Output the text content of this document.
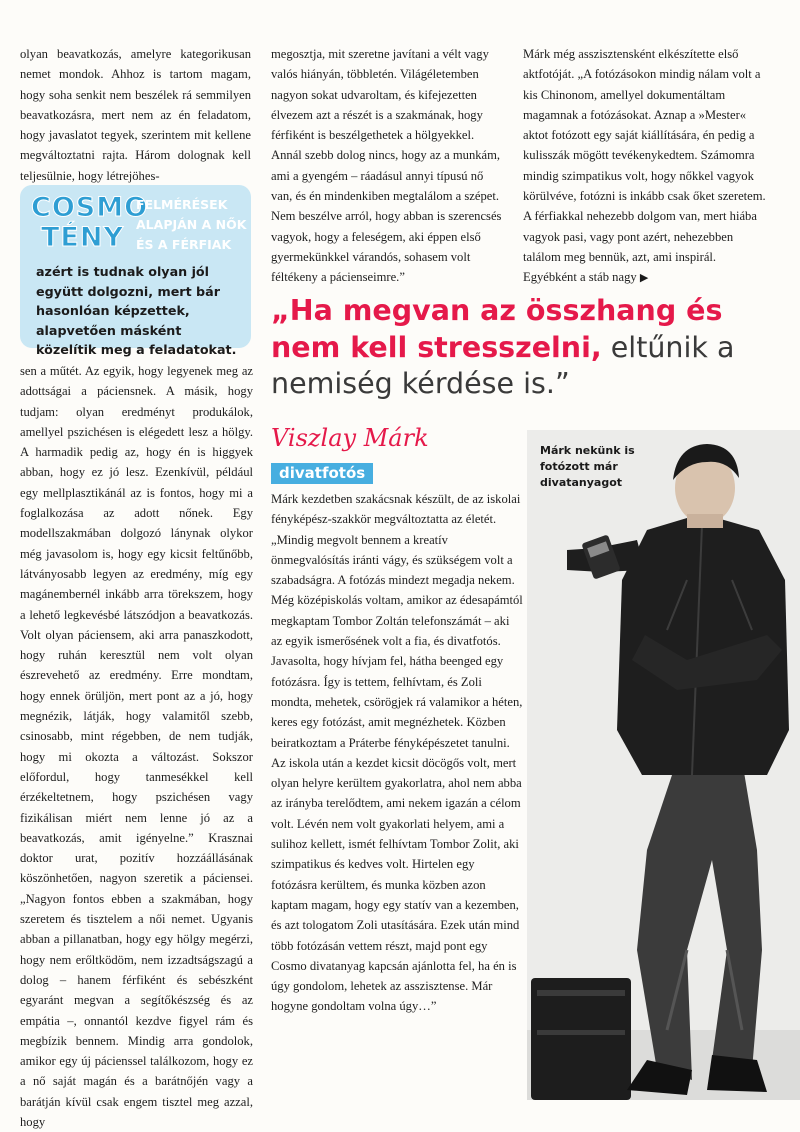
olyan beavatkozás, amelyre kategorikusan nemet mondok. Ahhoz is tartom magam, hogy soha senkit nem beszélek rá semmilyen beavatkozásra, mert nem az én feladatom, hogy javaslatot tegyek, szerintem mit kellene megváltoztatni rajta. Három dolognak kell teljesülnie, hogy létrejöhes-

COSMO
TÉNY

FELMÉRÉSEK ALAPJÁN A NŐK ÉS A FÉRFIAK

azért is tudnak olyan jól együtt dolgozni, mert bár hasonlóan képzettek, alapvetően másként közelítik meg a feladatokat.

sen a műtét. Az egyik, hogy legyenek meg az adottságai a páciensnek. A másik, hogy tudjam: olyan eredményt produkálok, amellyel pszichésen is elégedett lesz a hölgy. A harmadik pedig az, hogy én is higgyek abban, hogy ez jó lesz. Ezenkívül, például egy mellplasztikánál az is fontos, hogy mi a foglalkozása az adott nőnek. Egy modellszakmában dolgozó lánynak olykor még javasolom is, hogy egy kicsit feltűnőbb, látványosabb legyen az eredmény, míg egy magánembernél inkább arra törekszem, hogy a lehető legkevésbé látszódjon a beavatkozás. Volt olyan páciensem, aki arra panaszkodott, hogy ruhán keresztül nem volt olyan észrevehető az eredmény. Erre mondtam, hogy ennek örüljön, mert pont az a jó, hogy megnézik, látják, hogy valamitől szebb, csinosabb, mint régebben, de nem tudják, hogy mi okozta a változást. Sokszor előfordul, hogy tanmesékkel kell érzékeltetnem, hogy pszichésen vagy fizikálisan miért nem lenne jó az a beavatkozás, amit igényelne.” Krasznai doktor urat, pozitív hozzáállásának köszönhetően, nagyon szeretik a páciensei. „Nagyon fontos ebben a szakmában, hogy szeretem és tisztelem a női nemet. Ugyanis abban a pillanatban, hogy egy hölgy megérzi, hogy nem erőltködöm, nem izzadtságszagú a dolog – hanem férfiként és sebészként egyaránt megvan a segítőkészség és az empátia –, onnantól kezdve figyel rám és megbízik bennem. Mindig arra gondolok, amikor egy új pácienssel találkozom, hogy ez a nő saját magán és a barátnőjén vagy a barátján kívül csak engem tisztel meg azzal, hogy

megosztja, mit szeretne javítani a vélt vagy valós hiányán, többletén. Világéletemben nagyon sokat udvaroltam, és kifejezetten élvezem azt a részét is a szakmának, hogy férfiként is beszélgethetek a hölgyekkel. Annál szebb dolog nincs, hogy az a munkám, ami a gyengém – ráadásul annyi típusú nő van, és én mindenkiben megtalálom a szépet. Nem beszélve arról, hogy abban is szerencsés vagyok, hogy a feleségem, aki éppen első gyermekünkkel várandós, sohasem volt féltékeny a pácienseimre.”

Márk még asszisztensként elkészítette első aktfotóját. „A fotózásokon mindig nálam volt a kis Chinonom, amellyel dokumentáltam magamnak a fotózásokat. Aznap a »Mester« aktot fotózott egy saját kiállítására, én pedig a kulisszák mögött tevékenykedtem. Számomra mindig szimpatikus volt, hogy nőkkel vagyok körülvéve, fotózni is inkább csak őket szeretem. A férfiakkal nehezebb dolgom van, mert hiába vagyok pasi, vagy pont azért, nehezebben találom meg bennük, azt, ami inspirál. Egyébként a stáb nagy ▶

„Ha megvan az összhang és nem kell stresszelni, eltűnik a nemiség kérdése is.”

Viszlay Márk

divatfotós

Márk kezdetben szakácsnak készült, de az iskolai fényképész-szakkör megváltoztatta az életét. „Mindig megvolt bennem a kreatív önmegvalósítás iránti vágy, és szükségem volt a szabadságra. A fotózás mindezt megadja nekem. Még középiskolás voltam, amikor az édesapámtól megkaptam Tombor Zoltán telefonszámát – aki az egyik ismerősének volt a fia, és divatfotós. Javasolta, hogy hívjam fel, hátha beenged egy fotózásra. Így is tettem, felhívtam, és Zoli mondta, mehetek, csörögjek rá valamikor a héten, keres egy fotózást, amit megnézhetek. Közben beiratkoztam a Práterbe fényképészetet tanulni. Az iskola után a kezdet kicsit döcögős volt, mert olyan helyre kerültem gyakorlatra, ahol nem abba az irányba terelődtem, ami nekem igazán a célom volt. Lévén nem volt gyakorlati helyem, ami a sulihoz kellett, ismét felhívtam Tombor Zolit, aki szimpatikus és kedves volt. Hirtelen egy fotózásra kerültem, és munka közben azon kaptam magam, hogy egy statív van a kezemben, és azt tologatom Zoli utasítására. Ezek után mind több fotózásán vettem részt, majd pont egy Cosmo divatanyag kapcsán ajánlotta fel, ha én is úgy gondolom, lehetek az asszisztense. Már hogyne gondoltam volna úgy…”

Márk nekünk is fotózott már divatanyagot
